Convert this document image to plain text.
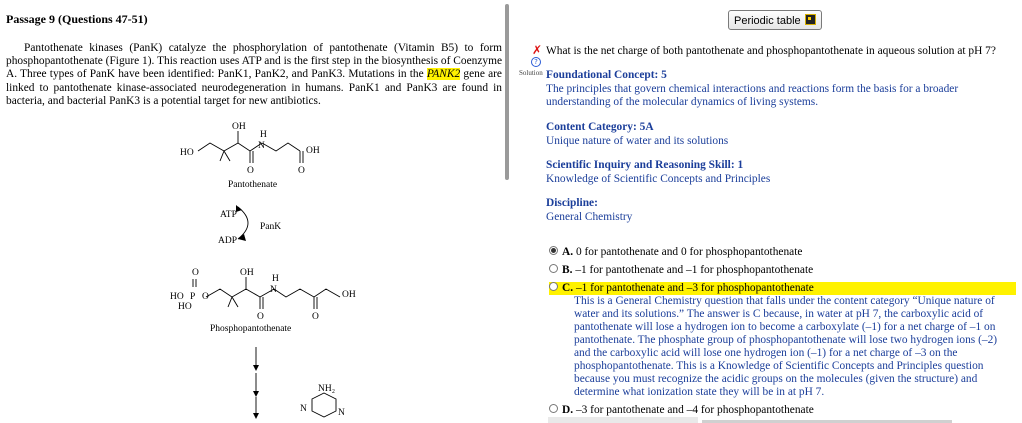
Passage 9 (Questions 47-51)
Pantothenate kinases (PanK) catalyze the phosphorylation of pantothenate (Vitamin B5) to form phosphopantothenate (Figure 1). This reaction uses ATP and is the first step in the biosynthesis of Coenzyme A. Three types of PanK have been identified: PanK1, PanK2, and PanK3. Mutations in the PANK2 gene are linked to pantothenate kinase-associated neurodegeneration in humans. PanK1 and PanK3 are found in bacteria, and bacterial PanK3 is a potential target for new antibiotics.
OH
HO
H
N
O
OH
O
Pantothenate
ATP
PanK
ADP
O
P
HO
HO
O
OH
H
N
O
OH
O
Phosphopantothenate
NH₂
N	N
Periodic table
✗ What is the net charge of both pantothenate and phosphopantothenate in aqueous solution at pH 7?
?
Solution Foundational Concept: 5
The principles that govern chemical interactions and reactions form the basis for a broader understanding of the molecular dynamics of living systems.
Content Category: 5A
Unique nature of water and its solutions
Scientific Inquiry and Reasoning Skill: 1
Knowledge of Scientific Concepts and Principles
Discipline:
General Chemistry
A. 0 for pantothenate and 0 for phosphopantothenate
B. –1 for pantothenate and –1 for phosphopantothenate
C. –1 for pantothenate and –3 for phosphopantothenate
This is a General Chemistry question that falls under the content category “Unique nature of water and its solutions.” The answer is C because, in water at pH 7, the carboxylic acid of pantothenate will lose a hydrogen ion to become a carboxylate (–1) for a net charge of –1 on pantothenate. The phosphate group of phosphopantothenate will lose two hydrogen ions (–2) and the carboxylic acid will lose one hydrogen ion (–1) for a net charge of –3 on the phosphopantothenate. This is a Knowledge of Scientific Concepts and Principles question because you must recognize the acidic groups on the molecules (given the structure) and determine what ionization state they will be in at pH 7.
D. –3 for pantothenate and –4 for phosphopantothenate
